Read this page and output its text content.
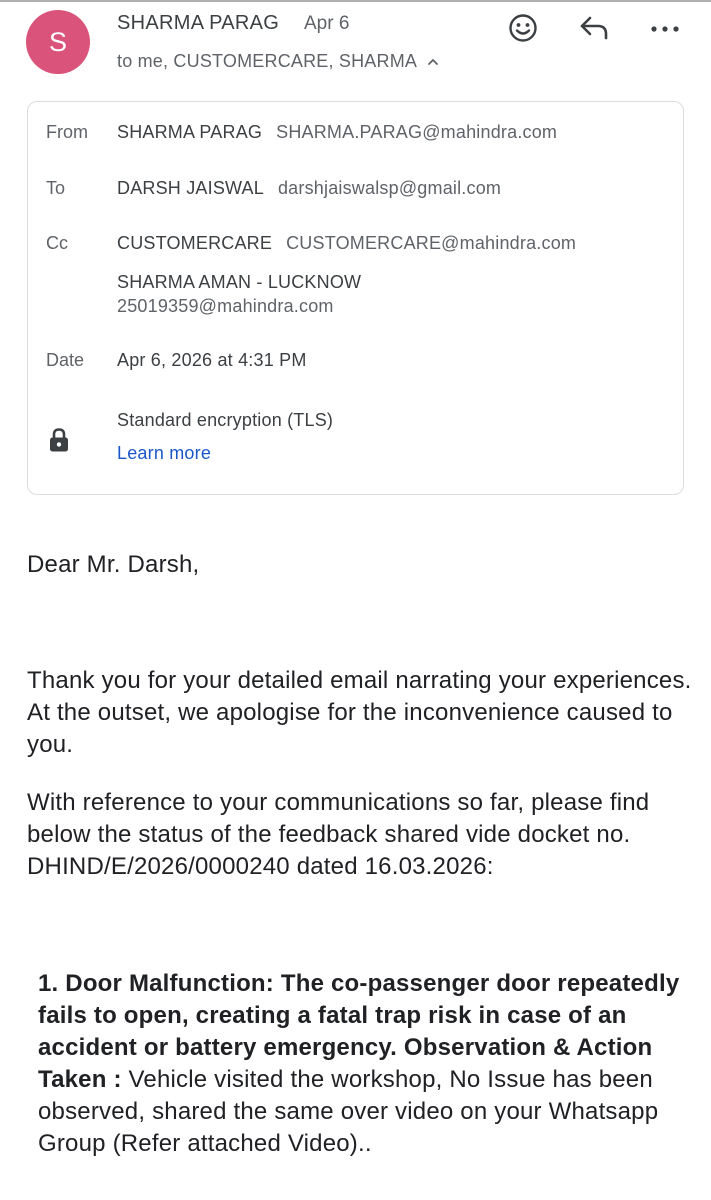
S
SHARMA PARAG Apr 6
to me, CUSTOMERCARE, SHARMA
From SHARMA PARAG SHARMA.PARAG@mahindra.com
To	DARSH JAISWAL darshjaiswalsp@gmail.com
Cc	CUSTOMERCARE CUSTOMERCARE@mahindra.com
SHARMA AMAN - LUCKNOW
25019359@mahindra.com
Date Apr 6, 2026 at 4:31 PM
Standard encryption (TLS)
Learn more
Dear Mr. Darsh,
Thank you for your detailed email narrating your experiences. At the outset, we apologise for the inconvenience caused to you.
With reference to your communications so far, please find below the status of the feedback shared vide docket no. DHIND/E/2026/0000240 dated 16.03.2026:
1. Door Malfunction: The co-passenger door repeatedly fails to open, creating a fatal trap risk in case of an accident or battery emergency. Observation & Action Taken : Vehicle visited the workshop, No Issue has been observed, shared the same over video on your Whatsapp Group (Refer attached Video)..
